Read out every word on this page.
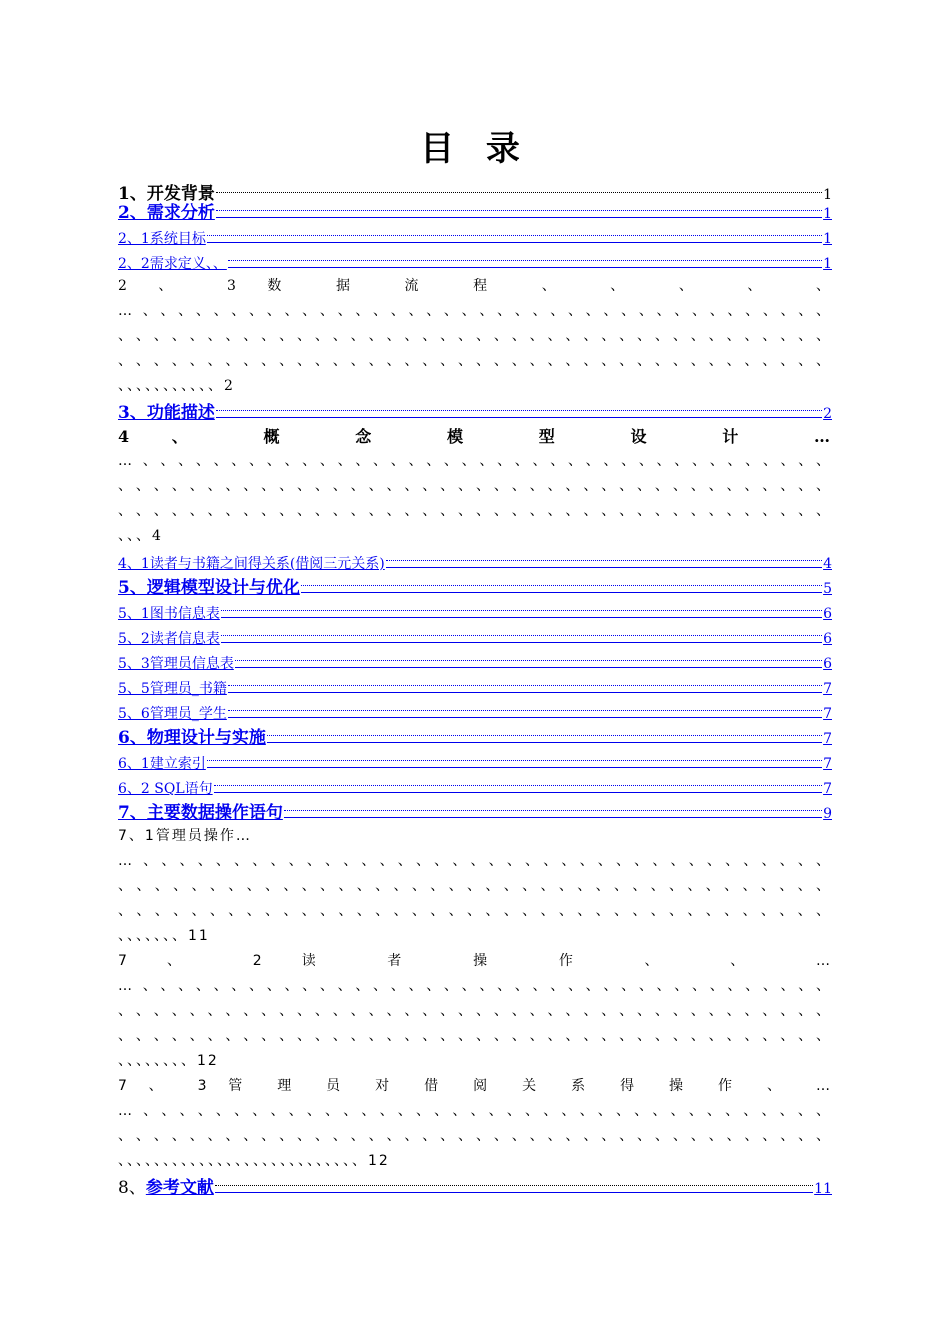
目 录
1、开发背景	1
2、需求分析	1
2、1系统目标	1
2、2需求定义、、	1
2 、 3 数 据 流 程 、 、 、 、 、
…、、、、、、、、、、、、、、、、、、、、、、、、、、、、、、、、、、、、、、、
、、、、、、、、、、、、、、、、、、、、、、、、、、、、、、、、、、、、、、、、
、、、、、、、、、、、、、、、、、、、、、、、、、、、、、、、、、、、、、、、、
、、、、、、、、、、、2
3、功能描述	2
4 、 概 念 模 型 设 计 …
…、、、、、、、、、、、、、、、、、、、、、、、、、、、、、、、、、、、、、、、
、、、、、、、、、、、、、、、、、、、、、、、、、、、、、、、、、、、、、、、、
、、、、、、、、、、、、、、、、、、、、、、、、、、、、、、、、、、、、、、、、
、、、4
4、1读者与书籍之间得关系(借阅三元关系)	4
5、逻辑模型设计与优化	5
5、1图书信息表	6
5、2读者信息表	6
5、3管理员信息表	6
5、5管理员_书籍	7
5、6管理员_学生	7
6、物理设计与实施	7
6、1建立索引	7
6、2 SQL语句	7
7、主要数据操作语句	9
7、1管理员操作…
…、、、、、、、、、、、、、、、、、、、、、、、、、、、、、、、、、、、、、、
、、、、、、、、、、、、、、、、、、、、、、、、、、、、、、、、、、、、、、、
、、、、、、、、、、、、、、、、、、、、、、、、、、、、、、、、、、、、、、、
、、、、、、、11
7 、 2 读 者 操 作 、 、 …
…、、、、、、、、、、、、、、、、、、、、、、、、、、、、、、、、、、、、、、、
、、、、、、、、、、、、、、、、、、、、、、、、、、、、、、、、、、、、、、、、
、、、、、、、、、、、、、、、、、、、、、、、、、、、、、、、、、、、、、、、、
、、、、、、、、12
7 、 3 管 理 员 对 借 阅 关 系 得 操 作 、 …
…、、、、、、、、、、、、、、、、、、、、、、、、、、、、、、、、、、、、、、
、、、、、、、、、、、、、、、、、、、、、、、、、、、、、、、、、、、、、、、、
、、、、、、、、、、、、、、、、、、、、、、、、、、、12
8、 参考文献	11
